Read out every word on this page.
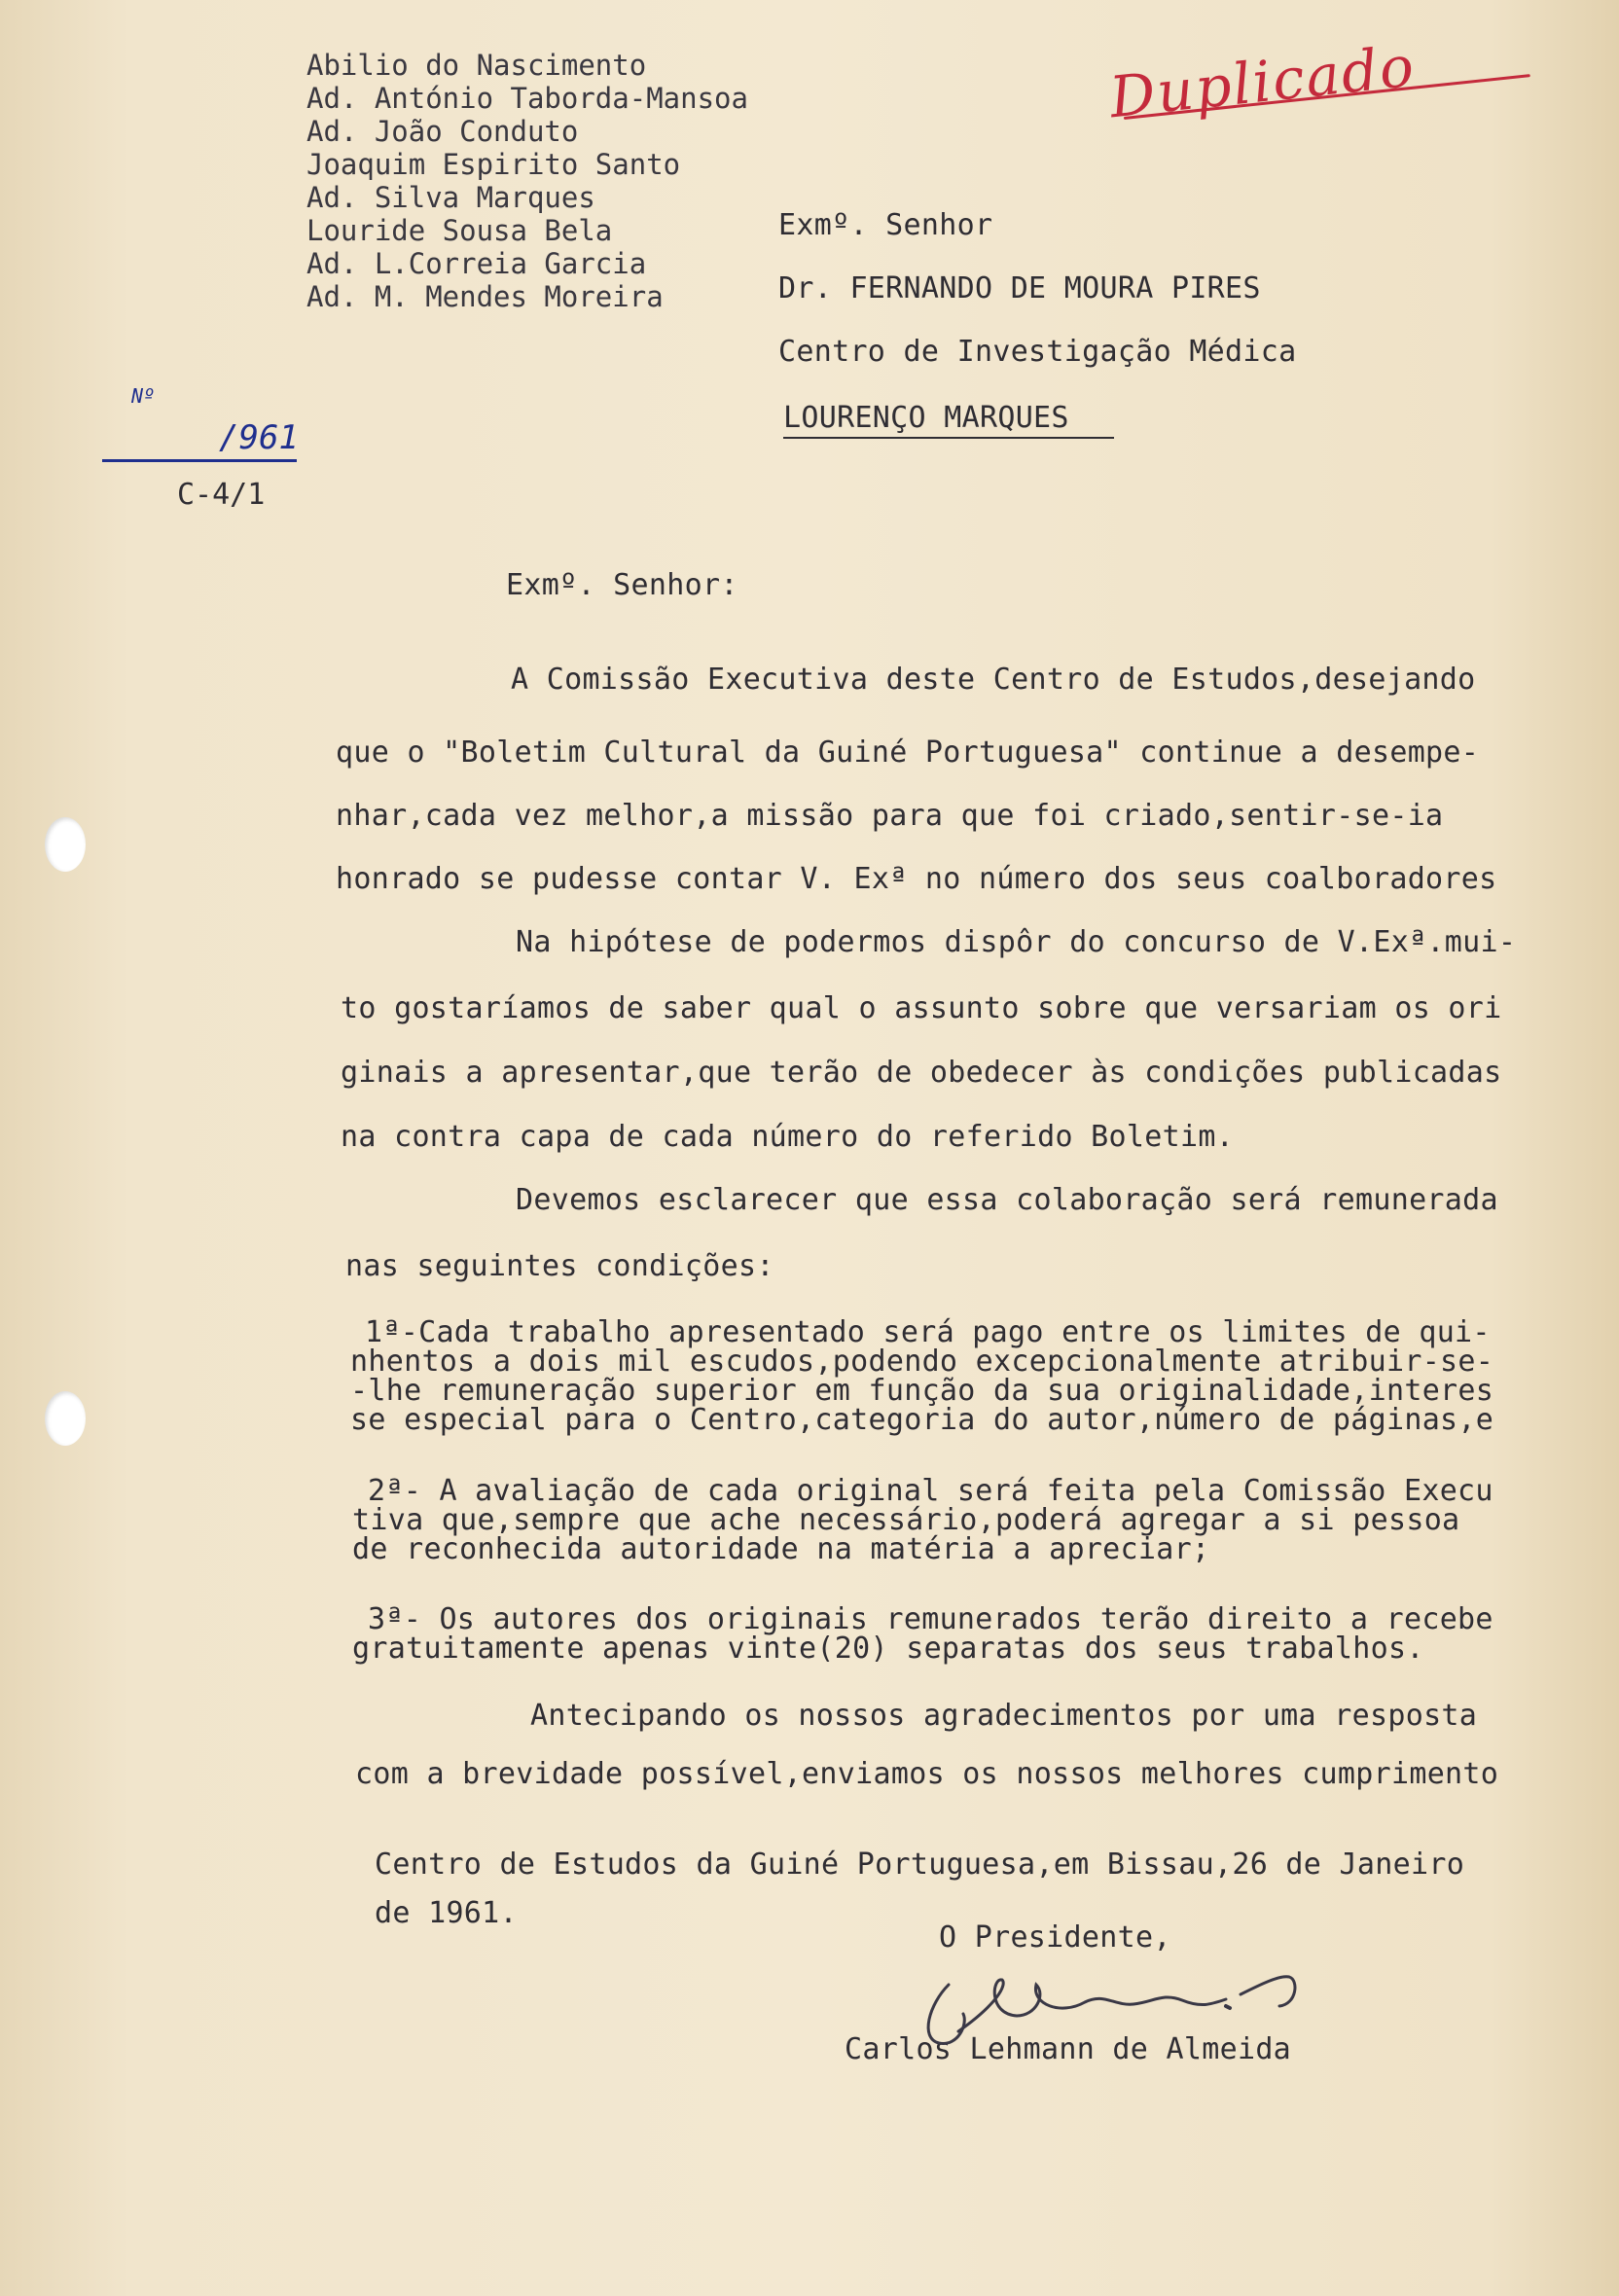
Abilio do Nascimento
Ad. António Taborda-Mansoa
Ad. João Conduto
Joaquim Espirito Santo
Ad. Silva Marques
Louride Sousa Bela
Ad. L.Correia Garcia
Ad. M. Mendes Moreira
Duplicado
Nº
/961
C-4/1
Exmº. Senhor
Dr. FERNANDO DE MOURA PIRES
Centro de Investigação Médica
LOURENÇO MARQUES
Exmº. Senhor:
A Comissão Executiva deste Centro de Estudos,desejando
que o "Boletim Cultural da Guiné Portuguesa" continue a desempe-
nhar,cada vez melhor,a missão para que foi criado,sentir-se-ia
honrado se pudesse contar V. Exª no número dos seus coalboradores
Na hipótese de podermos dispôr do concurso de V.Exª.mui-
to gostaríamos de saber qual o assunto sobre que versariam os ori
ginais a apresentar,que terão de obedecer às condições publicadas
na contra capa de cada número do referido Boletim.
Devemos esclarecer que essa colaboração será remunerada
nas seguintes condições:
1ª-Cada trabalho apresentado será pago entre os limites de qui-
nhentos a dois mil escudos,podendo excepcionalmente atribuir-se-
-lhe remuneração superior em função da sua originalidade,interes
se especial para o Centro,categoria do autor,número de páginas,e
2ª- A avaliação de cada original será feita pela Comissão Execu
tiva que,sempre que ache necessário,poderá agregar a si pessoa
de reconhecida autoridade na matéria a apreciar;
3ª- Os autores dos originais remunerados terão direito a recebe
gratuitamente apenas vinte(20) separatas dos seus trabalhos.
Antecipando os nossos agradecimentos por uma resposta
com a brevidade possível,enviamos os nossos melhores cumprimento
Centro de Estudos da Guiné Portuguesa,em Bissau,26 de Janeiro
de 1961.
O Presidente,
Carlos Lehmann de Almeida
